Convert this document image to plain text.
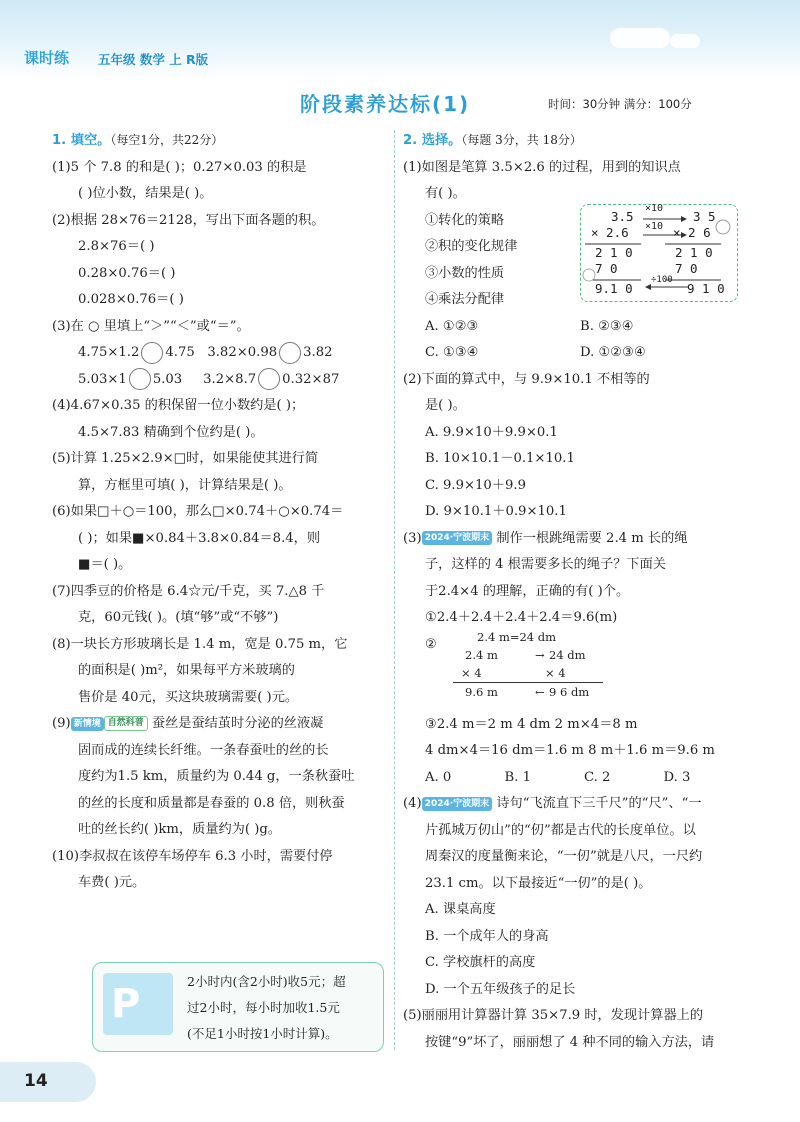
课时练 五年级 数学 上 R版
阶段素养达标(1)	时间：30分钟 满分：100分
1. 填空。（每空1分，共22分）
(1)5 个 7.8 的和是( )；0.27×0.03 的积是
( )位小数，结果是( )。
(2)根据 28×76＝2128，写出下面各题的积。
2.8×76＝( )
0.28×0.76＝( )
0.028×0.76＝( )
(3)在 ○ 里填上“＞”“＜”或“＝”。
4.75×1.2 4.75 3.82×0.98 3.82
5.03×1 5.03 3.2×8.7 0.32×87
(4)4.67×0.35 的积保留一位小数约是( )；
4.5×7.83 精确到个位约是( )。
(5)计算 1.25×2.9×□时，如果能使其进行简
算，方框里可填( )，计算结果是( )。
(6)如果□＋○＝100，那么□×0.74＋○×0.74＝
( )；如果■×0.84＋3.8×0.84＝8.4，则
■＝( )。
(7)四季豆的价格是 6.4☆元/千克，买 7.△8 千
克，60元钱( )。(填“够”或“不够”)
(8)一块长方形玻璃长是 1.4 m，宽是 0.75 m，它
的面积是( )m²，如果每平方米玻璃的
售价是 40元，买这块玻璃需要( )元。
(9) 新情境 自然科普 蚕丝是蚕结茧时分泌的丝液凝
固而成的连续长纤维。一条春蚕吐的丝的长
度约为1.5 km，质量约为 0.44 g，一条秋蚕吐
的丝的长度和质量都是春蚕的 0.8 倍，则秋蚕
吐的丝长约( )km，质量约为( )g。
(10)李叔叔在该停车场停车 6.3 小时，需要付停
车费( )元。
P	2小时内(含2小时)收5元；超
过2小时，每小时加收1.5元
(不足1小时按1小时计算)。
2. 选择。（每题 3分，共 18分）
(1)如图是笔算 3.5×2.6 的过程，用到的知识点
有( )。
①转化的策略
②积的变化规律
③小数的性质
④乘法分配律
A. ①②③	B. ②③④
C. ①③④	D. ①②③④
(2)下面的算式中，与 9.9×10.1 不相等的
是( )。
A. 9.9×10＋9.9×0.1
B. 10×10.1－0.1×10.1
C. 9.9×10＋9.9
D. 9×10.1＋0.9×10.1
(3) 2024·宁波期末 制作一根跳绳需要 2.4 m 长的绳
子，这样的 4 根需要多长的绳子？下面关
于2.4×4 的理解，正确的有( )个。
①2.4＋2.4＋2.4＋2.4＝9.6(m)
②	2.4 m=24 dm
2.4 m	→ 24 dm
× 4	× 4
9.6 m	← 9 6 dm
③2.4 m＝2 m 4 dm 2 m×4＝8 m
4 dm×4＝16 dm＝1.6 m 8 m＋1.6 m＝9.6 m
A. 0	B. 1	C. 2	D. 3
(4) 2024·宁波期末 诗句“飞流直下三千尺”的“尺”、“一
片孤城万仞山”的“仞”都是古代的长度单位。以
周秦汉的度量衡来论，“一仞”就是八尺，一尺约
23.1 cm。以下最接近“一仞”的是( )。
A. 课桌高度
B. 一个成年人的身高
C. 学校旗杆的高度
D. 一个五年级孩子的足长
(5)丽丽用计算器计算 35×7.9 时，发现计算器上的
按键“9”坏了，丽丽想了 4 种不同的输入方法，请
×10
×10
÷100
3.5
× 2.6
2 1 0
7 0
9.1 0
3 5
× 2 6
2 1 0
7 0
9 1 0
14
